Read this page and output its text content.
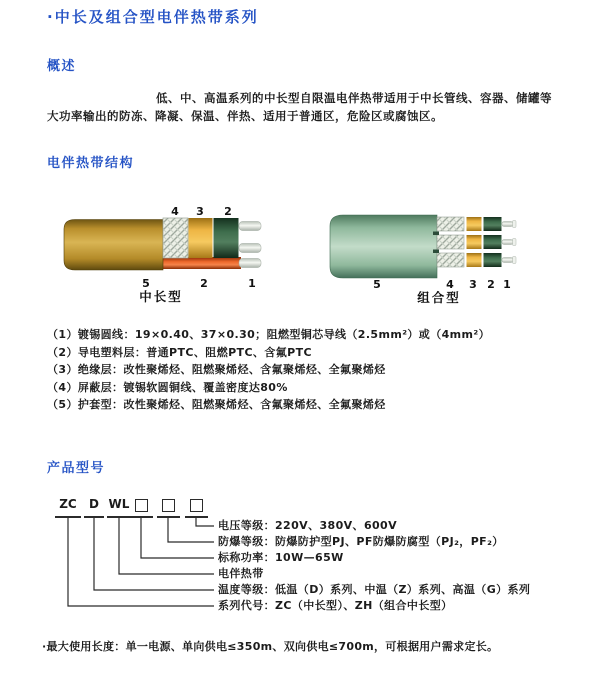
·中长及组合型电伴热带系列
概述
低、中、高温系列的中长型自限温电伴热带适用于中长管线、容器、储罐等
大功率输出的防冻、降凝、保温、伴热、适用于普通区，危险区或腐蚀区。
电伴热带结构
4 3 2
5	2	1
中长型
5	4 3 2 1
组合型
（1）镀锡圆线：19×0.40、37×0.30；阻燃型铜芯导线（2.5mm²）或（4mm²）
（2）导电塑料层：普通PTC、阻燃PTC、含氟PTC
（3）绝缘层：改性聚烯烃、阻燃聚烯烃、含氟聚烯烃、全氟聚烯烃
（4）屏蔽层：镀锡软圆铜线、覆盖密度达80%
（5）护套型：改性聚烯烃、阻燃聚烯烃、含氟聚烯烃、全氟聚烯烃
产品型号
ZC	D WL
电压等级：220V、380V、600V
防爆等级：防爆防护型PJ、PF防爆防腐型（PJ₂，PF₂）
标称功率：10W—65W
电伴热带
温度等级：低温（D）系列、中温（Z）系列、高温（G）系列
系列代号：ZC（中长型）、ZH（组合中长型）
·最大使用长度：单一电源、单向供电≤350m、双向供电≤700m，可根据用户需求定长。
